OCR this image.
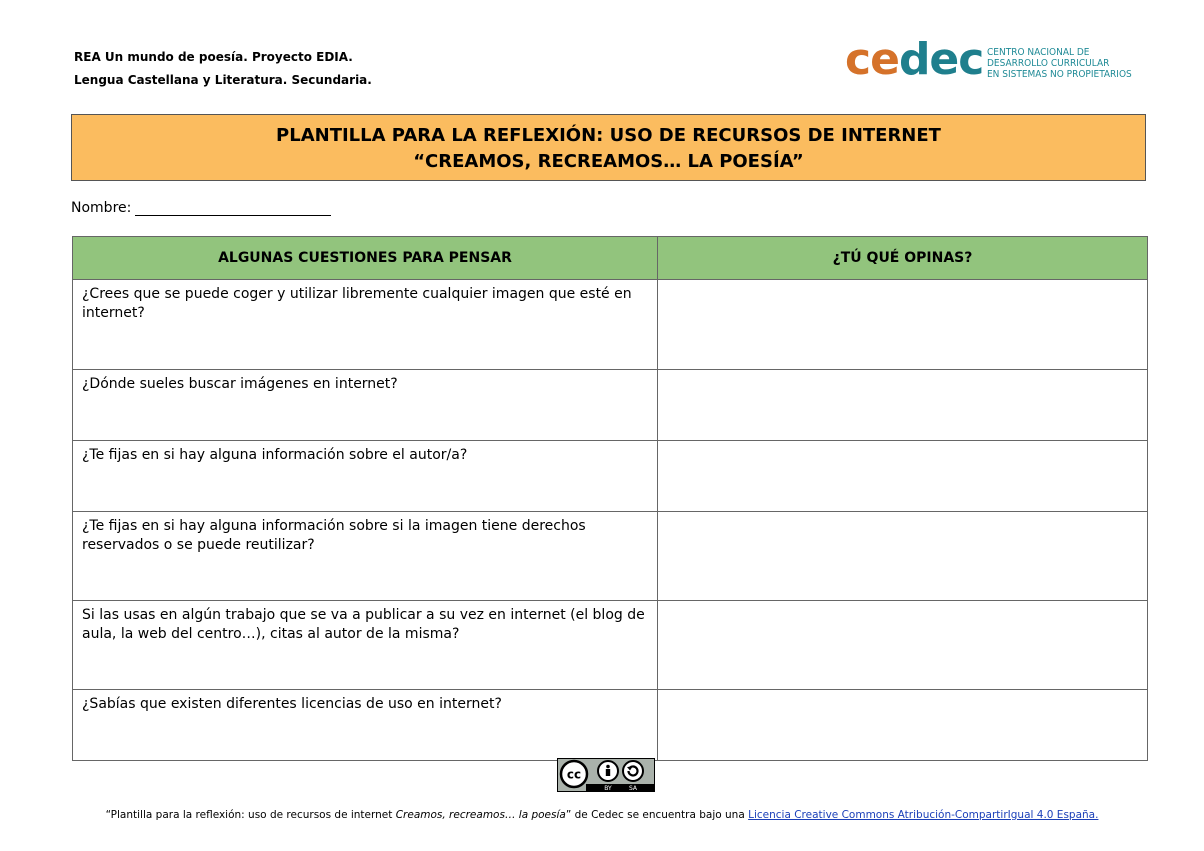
REA Un mundo de poesía. Proyecto EDIA.
Lengua Castellana y Literatura. Secundaria.	cedec CENTRO NACIONAL DE
DESARROLLO CURRICULAR
EN SISTEMAS NO PROPIETARIOS
PLANTILLA PARA LA REFLEXIÓN: USO DE RECURSOS DE INTERNET
“CREAMOS, RECREAMOS… LA POESÍA”
Nombre:
ALGUNAS CUESTIONES PARA PENSAR	¿TÚ QUÉ OPINAS?
¿Crees que se puede coger y utilizar libremente cualquier imagen que esté en internet?	
¿Dónde sueles buscar imágenes en internet?	
¿Te fijas en si hay alguna información sobre el autor/a?	
¿Te fijas en si hay alguna información sobre si la imagen tiene derechos reservados o se puede reutilizar?	
Si las usas en algún trabajo que se va a publicar a su vez en internet (el blog de aula, la web del centro…), citas al autor de la misma?	
¿Sabías que existen diferentes licencias de uso en internet?	
cc
BY	SA
“Plantilla para la reflexión: uso de recursos de internet Creamos, recreamos… la poesía” de Cedec se encuentra bajo una Licencia Creative Commons Atribución-CompartirIgual 4.0 España.
